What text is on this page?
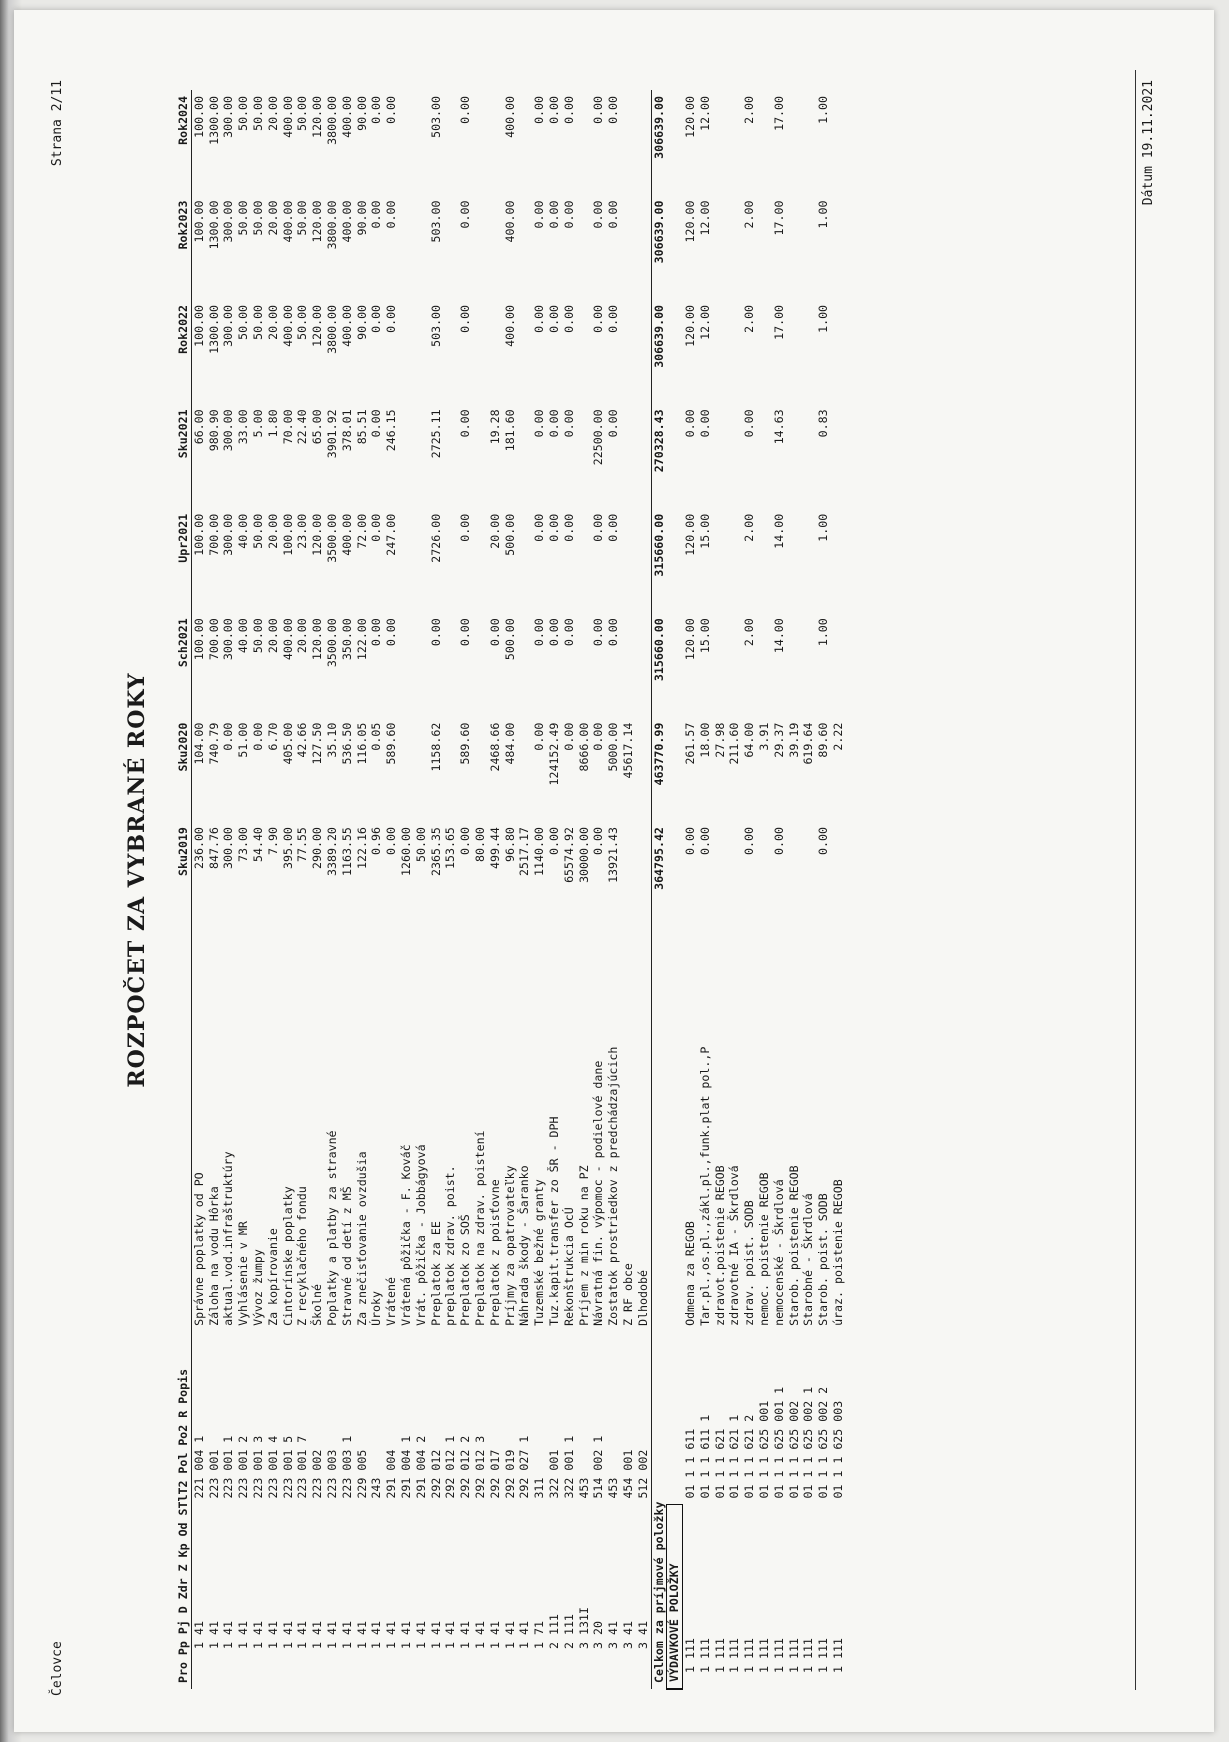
Čelovce
Strana 2/11
ROZPOČET ZA VYBRANÉ ROKY
Pro Pp Pj D Zdr Z Kp Od STlT2 Pol Po2 R Popis			Sku2019	Sku2020	Sch2021	Upr2021	Sku2021	Rok2022	Rok2023	Rok2024
1 41	221 004 1	Správne poplatky od PO	236.00	104.00	100.00	100.00	66.00	100.00	100.00	100.00
1 41	223 001	Záloha na vodu Hôrka	847.76	740.79	700.00	700.00	980.90	1300.00	1300.00	1300.00
1 41	223 001 1	aktual.vod.infraštruktúry	300.00	0.00	300.00	300.00	300.00	300.00	300.00	300.00
1 41	223 001 2	Vyhlásenie v MR	73.00	51.00	40.00	40.00	33.00	50.00	50.00	50.00
1 41	223 001 3	Vývoz žumpy	54.40	0.00	50.00	50.00	5.00	50.00	50.00	50.00
1 41	223 001 4	Za kopírovanie	7.90	6.70	20.00	20.00	1.80	20.00	20.00	20.00
1 41	223 001 5	Cintorínske poplatky	395.00	405.00	400.00	100.00	70.00	400.00	400.00	400.00
1 41	223 001 7	Z recyklačného fondu	77.55	42.66	20.00	23.00	22.40	50.00	50.00	50.00
1 41	223 002	Školné	290.00	127.50	120.00	120.00	65.00	120.00	120.00	120.00
1 41	223 003	Poplatky a platby za stravné	3389.20	35.10	3500.00	3500.00	3901.92	3800.00	3800.00	3800.00
1 41	223 003 1	Stravné od detí z MŠ	1163.55	536.50	350.00	400.00	378.01	400.00	400.00	400.00
1 41	229 005	Za znečisťovanie ovzdušia	122.16	116.05	122.00	72.00	85.51	90.00	90.00	90.00
1 41	243	Úroky	0.96	0.05	0.00	0.00	0.00	0.00	0.00	0.00
1 41	291 004	Vrátené	0.00	589.60	0.00	247.00	246.15	0.00	0.00	0.00
1 41	291 004 1	Vrátená pôžička - F. Kováč	1260.00							
1 41	291 004 2	Vrát. pôžička - Jobbágyová	50.00							
1 41	292 012	Preplatok za EE	2365.35	1158.62	0.00	2726.00	2725.11	503.00	503.00	503.00
1 41	292 012 1	preplatok zdrav. poist.	153.65							
1 41	292 012 2	Preplatok zo SOŠ	0.00	589.60	0.00	0.00	0.00	0.00	0.00	0.00
1 41	292 012 3	Preplatok na zdrav. poistení	80.00							
1 41	292 017	Preplatok z poisťovne	499.44	2468.66	0.00	20.00	19.28			
1 41	292 019	Príjmy za opatrovateľky	96.80	484.00	500.00	500.00	181.60	400.00	400.00	400.00
1 41	292 027 1	Náhrada škody - Šaranko	2517.17							
1 71	311	Tuzemské bežné granty	1140.00	0.00	0.00	0.00	0.00	0.00	0.00	0.00
2 111	322 001	Tuz.kapit.transfer zo ŠR - DPH	0.00	124152.49	0.00	0.00	0.00	0.00	0.00	0.00
2 111	322 001 1	Rekonštrukcia OcÚ	65574.92	0.00	0.00	0.00	0.00	0.00	0.00	0.00
3 131I	453	Príjem z min roku na PZ	30000.00	8666.00						
3 20	514 002 1	Návratná fin. výpomoc - podielové dane	0.00	0.00	0.00	0.00	22500.00	0.00	0.00	0.00
3 41	453	Zostatok prostriedkov z predchádzajúcich	13921.43	5000.00	0.00	0.00	0.00	0.00	0.00	0.00
3 41	454 001	Z RF obce		45617.14						
3 41	512 002	Dlhodobé								
Celkom za príjmové položky			364795.42	463770.99	315660.00	315660.00	270328.43	306639.00	306639.00	306639.00
VÝDAVKOVÉ POLOŽKY										
1 111	01 1 1 611	Odmena za REGOB	0.00	261.57	120.00	120.00	0.00	120.00	120.00	120.00
1 111	01 1 1 611 1	Tar.pl.,os.pl.,zákl.pl.,funk.plat pol.,P	0.00	18.00	15.00	15.00	0.00	12.00	12.00	12.00
1 111	01 1 1 621	zdravot.poistenie REGOB		27.98						
1 111	01 1 1 621 1	zdravotné IA - Škrdlová		211.60						
1 111	01 1 1 621 2	zdrav. poist. SODB	0.00	64.00	2.00	2.00	0.00	2.00	2.00	2.00
1 111	01 1 1 625 001	nemoc. poistenie REGOB		3.91						
1 111	01 1 1 625 001 1	nemocenské - Škrdlová	0.00	29.37	14.00	14.00	14.63	17.00	17.00	17.00
1 111	01 1 1 625 002	Starob. poistenie REGOB		39.19						
1 111	01 1 1 625 002 1	Starobné - Škrdlová		619.64						
1 111	01 1 1 625 002 2	Starob. poist. SODB	0.00	89.60	1.00	1.00	0.83	1.00	1.00	1.00
1 111	01 1 1 625 003	úraz. poistenie REGOB		2.22						
Dátum 19.11.2021
